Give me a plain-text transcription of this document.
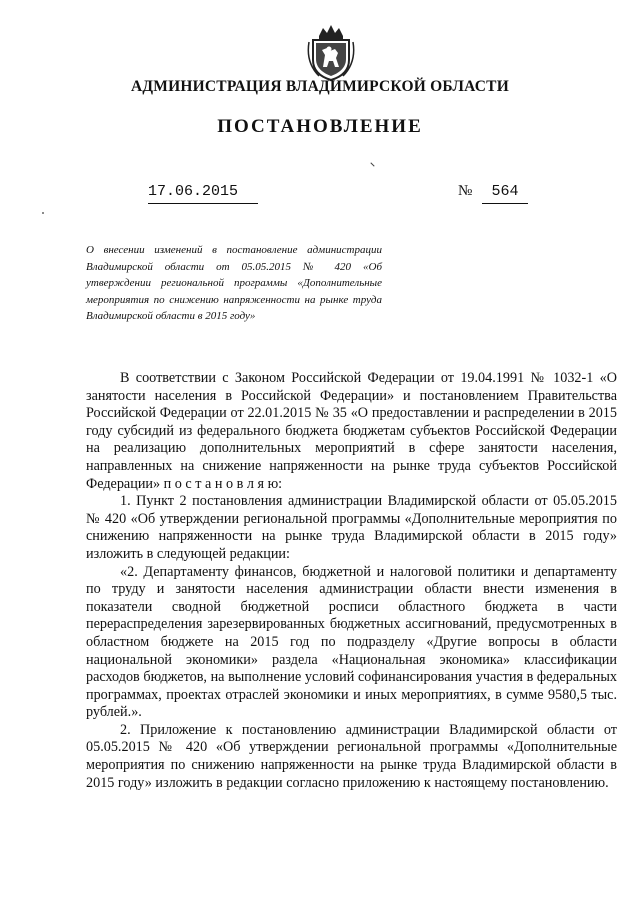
АДМИНИСТРАЦИЯ ВЛАДИМИРСКОЙ ОБЛАСТИ
ПОСТАНОВЛЕНИЕ
17.06.2015	№ 564
О внесении изменений в постановление администрации Владимирской области от 05.05.2015 № 420 «Об утверждении региональной программы «Дополнительные мероприятия по снижению напряженности на рынке труда Владимирской области в 2015 году»

В соответствии с Законом Российской Федерации от 19.04.1991 № 1032-1 «О занятости населения в Российской Федерации» и постановлением Правительства Российской Федерации от 22.01.2015 № 35 «О предоставлении и распределении в 2015 году субсидий из федерального бюджета бюджетам субъектов Российской Федерации на реализацию дополнительных мероприятий в сфере занятости населения, направленных на снижение напряженности на рынке труда субъектов Российской Федерации» п о с т а н о в л я ю:

1. Пункт 2 постановления администрации Владимирской области от 05.05.2015 № 420 «Об утверждении региональной программы «Дополнительные мероприятия по снижению напряженности на рынке труда Владимирской области в 2015 году» изложить в следующей редакции:

«2. Департаменту финансов, бюджетной и налоговой политики и департаменту по труду и занятости населения администрации области внести изменения в показатели сводной бюджетной росписи областного бюджета в части перераспределения зарезервированных бюджетных ассигнований, предусмотренных в областном бюджете на 2015 год по подразделу «Другие вопросы в области национальной экономики» раздела «Национальная экономика» классификации расходов бюджетов, на выполнение условий софинансирования участия в федеральных программах, проектах отраслей экономики и иных мероприятиях, в сумме 9580,5 тыс. рублей.».

2. Приложение к постановлению администрации Владимирской области от 05.05.2015 № 420 «Об утверждении региональной программы «Дополнительные мероприятия по снижению напряженности на рынке труда Владимирской области в 2015 году» изложить в редакции согласно приложению к настоящему постановлению.
